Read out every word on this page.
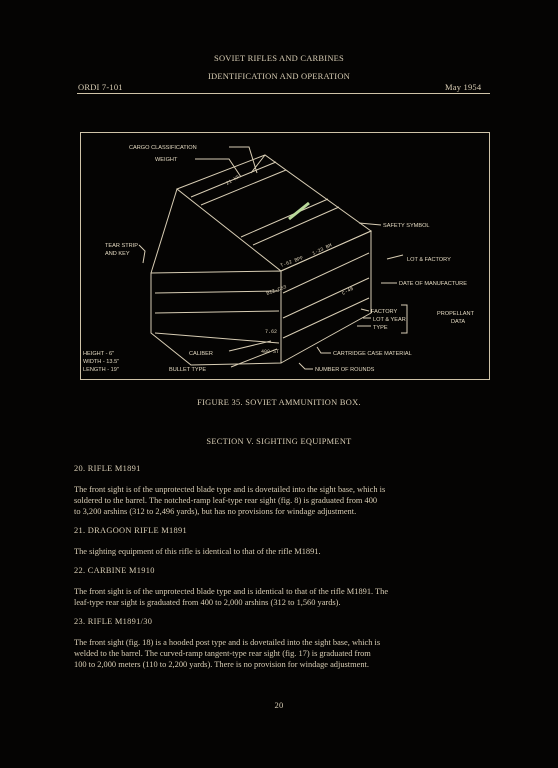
SOVIET RIFLES AND CARBINES
IDENTIFICATION AND OPERATION
ORDI 7-101	May 1954
21 KF
T-62 BPF
1-23 BM
BIZ-C63	C-48
7.62
400 ST
CARGO CLASSIFICATION
WEIGHT
SAFETY SYMBOL
TEAR STRIP
AND KEY
LOT & FACTORY
DATE OF MANUFACTURE
FACTORY
LOT & YEAR
TYPE
PROPELLANT
DATA
HEIGHT - 6"
WIDTH - 13.5"
LENGTH - 19"
CALIBER
BULLET TYPE
CARTRIDGE CASE MATERIAL
NUMBER OF ROUNDS
FIGURE 35. SOVIET AMMUNITION BOX.
SECTION V. SIGHTING EQUIPMENT
20. RIFLE M1891
The front sight is of the unprotected blade type and is dovetailed into the sight base, which is
soldered to the barrel. The notched-ramp leaf-type rear sight (fig. 8) is graduated from 400
to 3,200 arshins (312 to 2,496 yards), but has no provisions for windage adjustment.
21. DRAGOON RIFLE M1891
The sighting equipment of this rifle is identical to that of the rifle M1891.
22. CARBINE M1910
The front sight is of the unprotected blade type and is identical to that of the rifle M1891. The
leaf-type rear sight is graduated from 400 to 2,000 arshins (312 to 1,560 yards).
23. RIFLE M1891/30
The front sight (fig. 18) is a hooded post type and is dovetailed into the sight base, which is
welded to the barrel. The curved-ramp tangent-type rear sight (fig. 17) is graduated from
100 to 2,000 meters (110 to 2,200 yards). There is no provision for windage adjustment.
20
